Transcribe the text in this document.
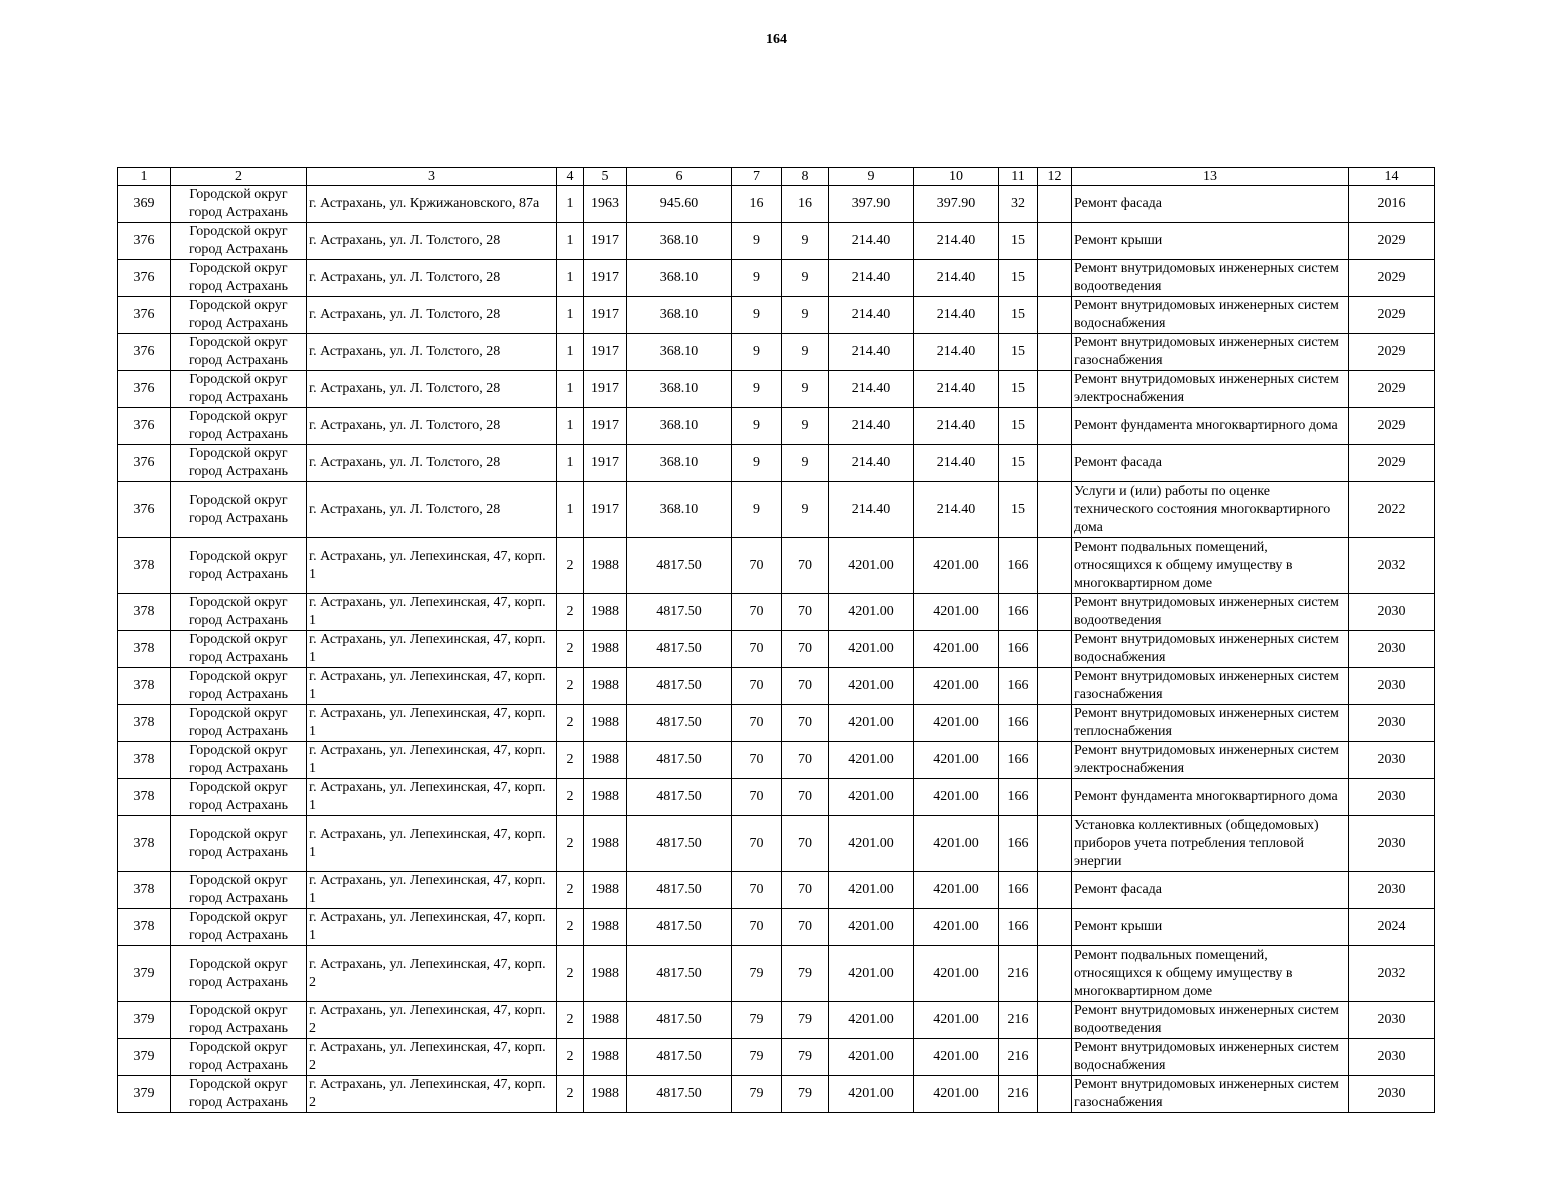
164
1	2	3	4	5	6	7	8	9	10	11	12	13	14
369	Городской округ город Астрахань	г. Астрахань, ул. Кржижановского, 87а	1	1963	945.60	16	16	397.90	397.90	32		Ремонт фасада	2016
376	Городской округ город Астрахань	г. Астрахань, ул. Л. Толстого, 28	1	1917	368.10	9	9	214.40	214.40	15		Ремонт крыши	2029
376	Городской округ город Астрахань	г. Астрахань, ул. Л. Толстого, 28	1	1917	368.10	9	9	214.40	214.40	15		Ремонт внутридомовых инженерных систем водоотведения	2029
376	Городской округ город Астрахань	г. Астрахань, ул. Л. Толстого, 28	1	1917	368.10	9	9	214.40	214.40	15		Ремонт внутридомовых инженерных систем водоснабжения	2029
376	Городской округ город Астрахань	г. Астрахань, ул. Л. Толстого, 28	1	1917	368.10	9	9	214.40	214.40	15		Ремонт внутридомовых инженерных систем газоснабжения	2029
376	Городской округ город Астрахань	г. Астрахань, ул. Л. Толстого, 28	1	1917	368.10	9	9	214.40	214.40	15		Ремонт внутридомовых инженерных систем электроснабжения	2029
376	Городской округ город Астрахань	г. Астрахань, ул. Л. Толстого, 28	1	1917	368.10	9	9	214.40	214.40	15		Ремонт фундамента многоквартирного дома	2029
376	Городской округ город Астрахань	г. Астрахань, ул. Л. Толстого, 28	1	1917	368.10	9	9	214.40	214.40	15		Ремонт фасада	2029
376	Городской округ город Астрахань	г. Астрахань, ул. Л. Толстого, 28	1	1917	368.10	9	9	214.40	214.40	15		Услуги и (или) работы по оценке технического состояния многоквартирного дома	2022
378	Городской округ город Астрахань	г. Астрахань, ул. Лепехинская, 47, корп. 1	2	1988	4817.50	70	70	4201.00	4201.00	166		Ремонт подвальных помещений, относящихся к общему имуществу в многоквартирном доме	2032
378	Городской округ город Астрахань	г. Астрахань, ул. Лепехинская, 47, корп. 1	2	1988	4817.50	70	70	4201.00	4201.00	166		Ремонт внутридомовых инженерных систем водоотведения	2030
378	Городской округ город Астрахань	г. Астрахань, ул. Лепехинская, 47, корп. 1	2	1988	4817.50	70	70	4201.00	4201.00	166		Ремонт внутридомовых инженерных систем водоснабжения	2030
378	Городской округ город Астрахань	г. Астрахань, ул. Лепехинская, 47, корп. 1	2	1988	4817.50	70	70	4201.00	4201.00	166		Ремонт внутридомовых инженерных систем газоснабжения	2030
378	Городской округ город Астрахань	г. Астрахань, ул. Лепехинская, 47, корп. 1	2	1988	4817.50	70	70	4201.00	4201.00	166		Ремонт внутридомовых инженерных систем теплоснабжения	2030
378	Городской округ город Астрахань	г. Астрахань, ул. Лепехинская, 47, корп. 1	2	1988	4817.50	70	70	4201.00	4201.00	166		Ремонт внутридомовых инженерных систем электроснабжения	2030
378	Городской округ город Астрахань	г. Астрахань, ул. Лепехинская, 47, корп. 1	2	1988	4817.50	70	70	4201.00	4201.00	166		Ремонт фундамента многоквартирного дома	2030
378	Городской округ город Астрахань	г. Астрахань, ул. Лепехинская, 47, корп. 1	2	1988	4817.50	70	70	4201.00	4201.00	166		Установка коллективных (общедомовых) приборов учета потребления тепловой энергии	2030
378	Городской округ город Астрахань	г. Астрахань, ул. Лепехинская, 47, корп. 1	2	1988	4817.50	70	70	4201.00	4201.00	166		Ремонт фасада	2030
378	Городской округ город Астрахань	г. Астрахань, ул. Лепехинская, 47, корп. 1	2	1988	4817.50	70	70	4201.00	4201.00	166		Ремонт крыши	2024
379	Городской округ город Астрахань	г. Астрахань, ул. Лепехинская, 47, корп. 2	2	1988	4817.50	79	79	4201.00	4201.00	216		Ремонт подвальных помещений, относящихся к общему имуществу в многоквартирном доме	2032
379	Городской округ город Астрахань	г. Астрахань, ул. Лепехинская, 47, корп. 2	2	1988	4817.50	79	79	4201.00	4201.00	216		Ремонт внутридомовых инженерных систем водоотведения	2030
379	Городской округ город Астрахань	г. Астрахань, ул. Лепехинская, 47, корп. 2	2	1988	4817.50	79	79	4201.00	4201.00	216		Ремонт внутридомовых инженерных систем водоснабжения	2030
379	Городской округ город Астрахань	г. Астрахань, ул. Лепехинская, 47, корп. 2	2	1988	4817.50	79	79	4201.00	4201.00	216		Ремонт внутридомовых инженерных систем газоснабжения	2030
